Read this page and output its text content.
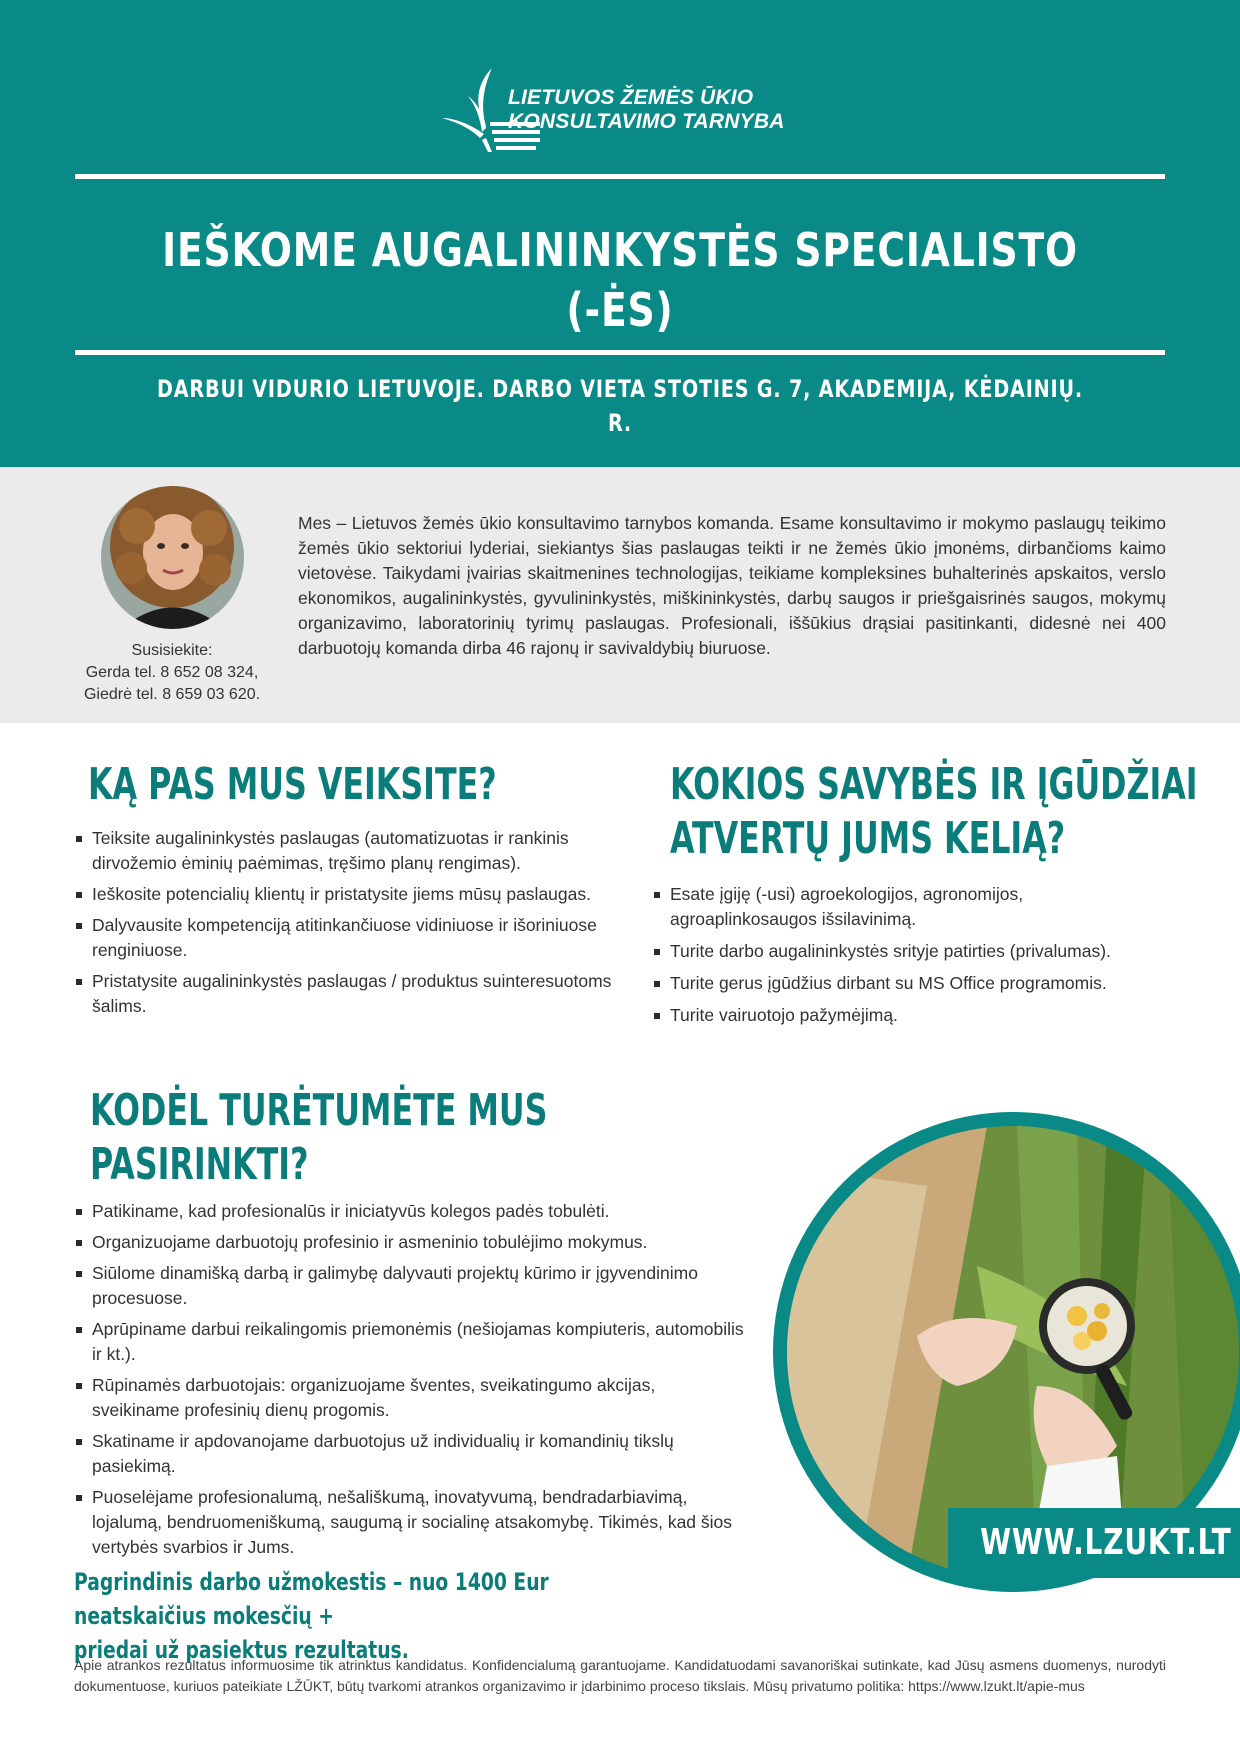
LIETUVOS ŽEMĖS ŪKIO
KONSULTAVIMO TARNYBA
IEŠKOME AUGALININKYSTĖS SPECIALISTO (-ĖS)
DARBUI VIDURIO LIETUVOJE. DARBO VIETA STOTIES G. 7, AKADEMIJA, KĖDAINIŲ. R.
Susisiekite:
Gerda tel. 8 652 08 324,
Giedrė tel. 8 659 03 620.
Mes – Lietuvos žemės ūkio konsultavimo tarnybos komanda. Esame konsultavimo ir mokymo paslaugų teikimo žemės ūkio sektoriui lyderiai, siekiantys šias paslaugas teikti ir ne žemės ūkio įmonėms, dirbančioms kaimo vietovėse. Taikydami įvairias skaitmenines technologijas, teikiame kompleksines buhalterinės apskaitos, verslo ekonomikos, augalininkystės, gyvulininkystės, miškininkystės, darbų saugos ir priešgaisrinės saugos, mokymų organizavimo, laboratorinių tyrimų paslaugas. Profesionali, iššūkius drąsiai pasitinkanti, didesnė nei 400 darbuotojų komanda dirba 46 rajonų ir savivaldybių biuruose.
KĄ PAS MUS VEIKSITE?
Teiksite augalininkystės paslaugas (automatizuotas ir rankinis dirvožemio ėminių paėmimas, tręšimo planų rengimas).
Ieškosite potencialių klientų ir pristatysite jiems mūsų paslaugas.
Dalyvausite kompetenciją atitinkančiuose vidiniuose ir išoriniuose renginiuose.
Pristatysite augalininkystės paslaugas / produktus suinteresuotoms šalims.
KOKIOS SAVYBĖS IR ĮGŪDŽIAI
ATVERTŲ JUMS KELIĄ?
Esate įgiję (-usi) agroekologijos, agronomijos, agroaplinkosaugos išsilavinimą.
Turite darbo augalininkystės srityje patirties (privalumas).
Turite gerus įgūdžius dirbant su MS Office programomis.
Turite vairuotojo pažymėjimą.
KODĖL TURĖTUMĖTE MUS
PASIRINKTI?
Patikiname, kad profesionalūs ir iniciatyvūs kolegos padės tobulėti.
Organizuojame darbuotojų profesinio ir asmeninio tobulėjimo mokymus.
Siūlome dinamišką darbą ir galimybę dalyvauti projektų kūrimo ir įgyvendinimo procesuose.
Aprūpiname darbui reikalingomis priemonėmis (nešiojamas kompiuteris, automobilis ir kt.).
Rūpinamės darbuotojais: organizuojame šventes, sveikatingumo akcijas, sveikiname profesinių dienų progomis.
Skatiname ir apdovanojame darbuotojus už individualių ir komandinių tikslų pasiekimą.
Puoselėjame profesionalumą, nešališkumą, inovatyvumą, bendradarbiavimą, lojalumą, bendruomeniškumą, saugumą ir socialinę atsakomybę. Tikimės, kad šios vertybės svarbios ir Jums.
Pagrindinis darbo užmokestis – nuo 1400 Eur neatskaičius mokesčių +
priedai už pasiektus rezultatus.
WWW.LZUKT.LT
Apie atrankos rezultatus informuosime tik atrinktus kandidatus. Konfidencialumą garantuojame. Kandidatuodami savanoriškai sutinkate, kad Jūsų asmens duomenys, nurodyti dokumentuose, kuriuos pateikiate LŽŪKT, būtų tvarkomi atrankos organizavimo ir įdarbinimo proceso tikslais. Mūsų privatumo politika: https://www.lzukt.lt/apie-mus
